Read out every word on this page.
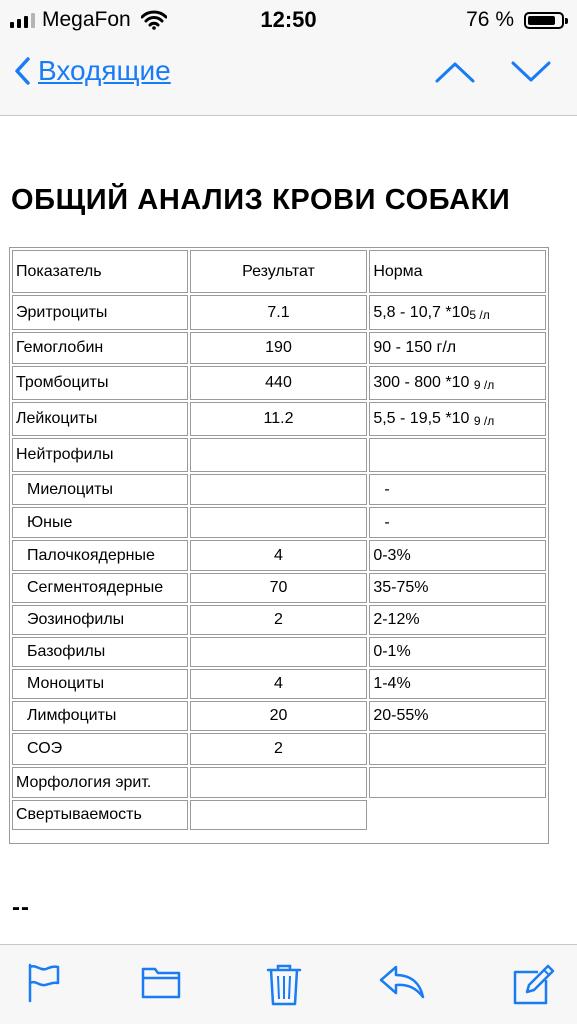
MegaFon	12:50	76 %
Входящие
ОБЩИЙ АНАЛИЗ КРОВИ СОБАКИ
Показатель	Результат	Норма
Эритроциты	7.1	5,8 - 10,7 $*10^5$ $^{/л}$
Гемоглобин	190	90 - 150 г/л
Тромбоциты	440	300 - 800 *10 $^9$ $^{/л}$
Лейкоциты	11.2	5,5 - 19,5 *10 $^9$ $^{/л}$
Нейтрофилы		
Миелоциты		-
Юные		-
Палочкоядерные	4	0-3%
Сегментоядерные	70	35-75%
Эозинофилы	2	2-12%
Базофилы		0-1%
Моноциты	4	1-4%
Лимфоциты	20	20-55%
СОЭ	2	
Морфология эрит.		
Свертываемость		
--
